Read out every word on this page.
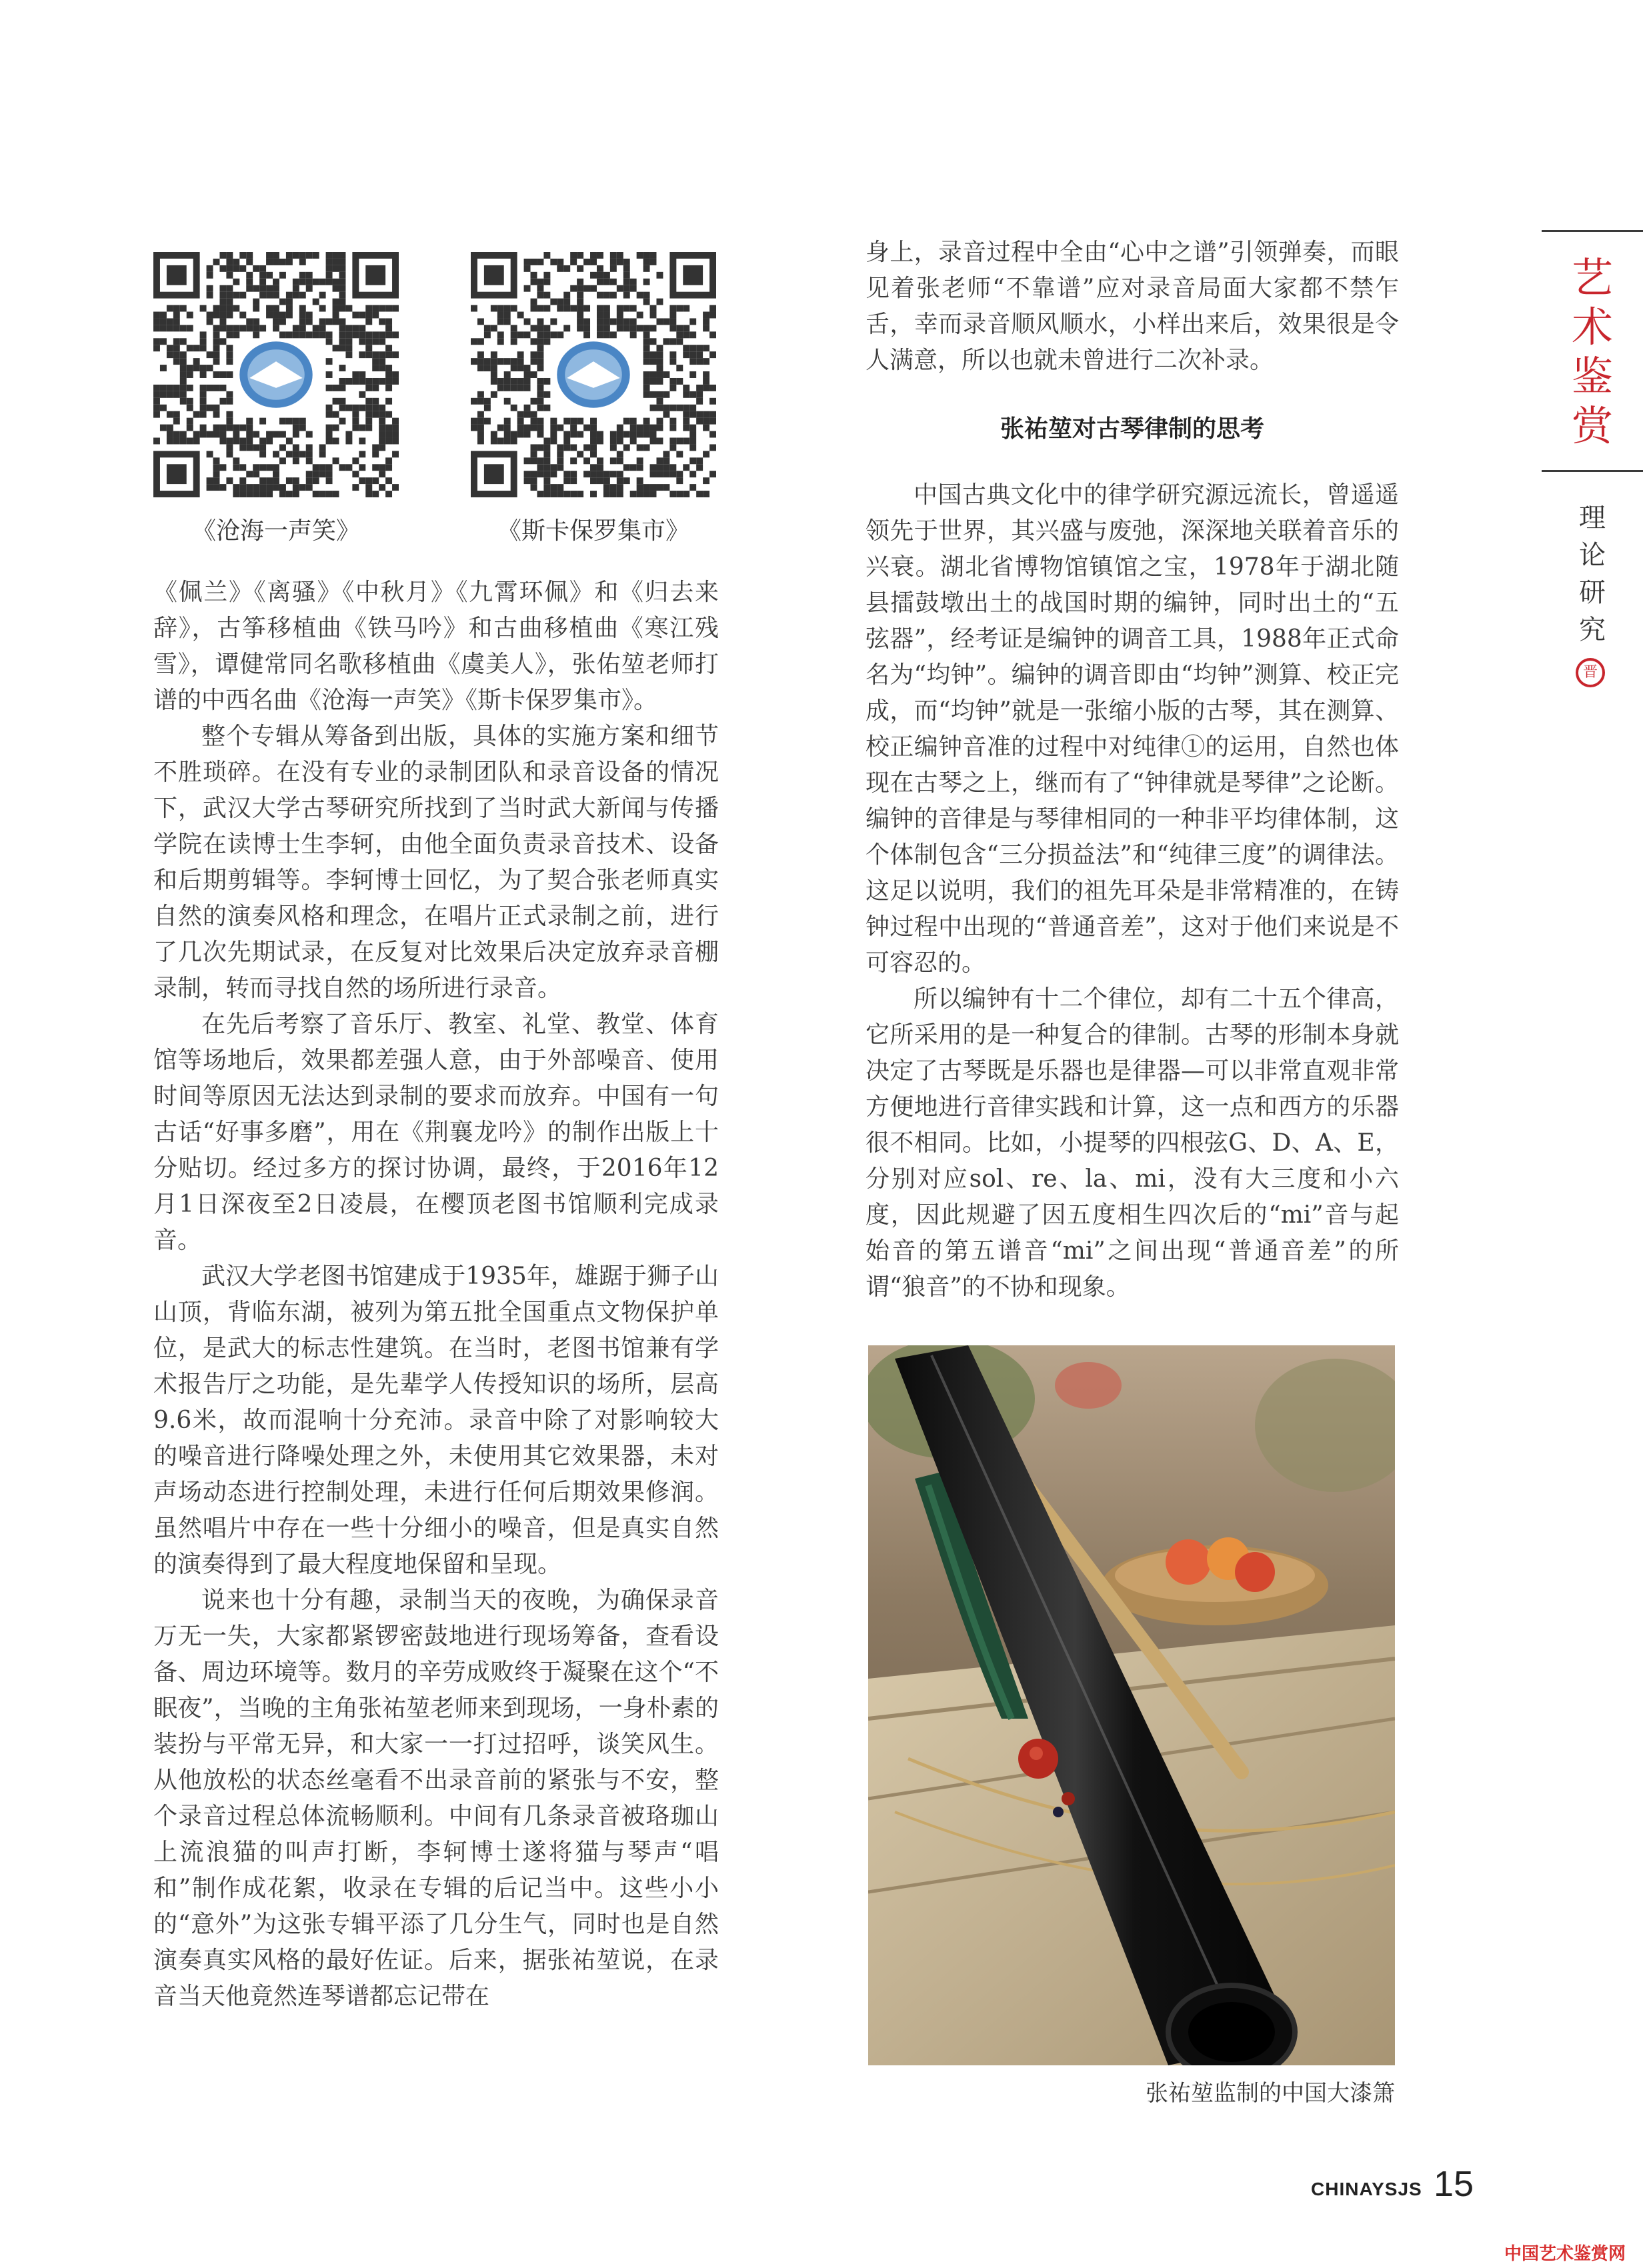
《沧海一声笑》	《斯卡保罗集市》

《佩兰》《离骚》《中秋月》《九霄环佩》和《归去来辞》，古筝移植曲《铁马吟》和古曲移植曲《寒江残雪》，谭健常同名歌移植曲《虞美人》，张佑堃老师打谱的中西名曲《沧海一声笑》《斯卡保罗集市》。

整个专辑从筹备到出版，具体的实施方案和细节不胜琐碎。在没有专业的录制团队和录音设备的情况下，武汉大学古琴研究所找到了当时武大新闻与传播学院在读博士生李轲，由他全面负责录音技术、设备和后期剪辑等。李轲博士回忆，为了契合张老师真实自然的演奏风格和理念，在唱片正式录制之前，进行了几次先期试录，在反复对比效果后决定放弃录音棚录制，转而寻找自然的场所进行录音。

在先后考察了音乐厅、教室、礼堂、教堂、体育馆等场地后，效果都差强人意，由于外部噪音、使用时间等原因无法达到录制的要求而放弃。中国有一句古话“好事多磨”，用在《荆襄龙吟》的制作出版上十分贴切。经过多方的探讨协调，最终，于2016年12月1日深夜至2日凌晨，在樱顶老图书馆顺利完成录音。

武汉大学老图书馆建成于1935年，雄踞于狮子山山顶，背临东湖，被列为第五批全国重点文物保护单位，是武大的标志性建筑。在当时，老图书馆兼有学术报告厅之功能，是先辈学人传授知识的场所，层高9.6米，故而混响十分充沛。录音中除了对影响较大的噪音进行降噪处理之外，未使用其它效果器，未对声场动态进行控制处理，未进行任何后期效果修润。虽然唱片中存在一些十分细小的噪音，但是真实自然的演奏得到了最大程度地保留和呈现。

说来也十分有趣，录制当天的夜晚，为确保录音万无一失，大家都紧锣密鼓地进行现场筹备，查看设备、周边环境等。数月的辛劳成败终于凝聚在这个“不眠夜”，当晚的主角张祐堃老师来到现场，一身朴素的装扮与平常无异，和大家一一打过招呼，谈笑风生。从他放松的状态丝毫看不出录音前的紧张与不安，整个录音过程总体流畅顺利。中间有几条录音被珞珈山上流浪猫的叫声打断，李轲博士遂将猫与琴声“唱和”制作成花絮，收录在专辑的后记当中。这些小小的“意外”为这张专辑平添了几分生气，同时也是自然演奏真实风格的最好佐证。后来，据张祐堃说，在录音当天他竟然连琴谱都忘记带在

身上，录音过程中全由“心中之谱”引领弹奏，而眼见着张老师“不靠谱”应对录音局面大家都不禁乍舌，幸而录音顺风顺水，小样出来后，效果很是令人满意，所以也就未曾进行二次补录。

张祐堃对古琴律制的思考

中国古典文化中的律学研究源远流长，曾遥遥领先于世界，其兴盛与废弛，深深地关联着音乐的兴衰。湖北省博物馆镇馆之宝，1978年于湖北随县擂鼓墩出土的战国时期的编钟，同时出土的“五弦器”，经考证是编钟的调音工具，1988年正式命名为“均钟”。编钟的调音即由“均钟”测算、校正完成，而“均钟”就是一张缩小版的古琴，其在测算、校正编钟音准的过程中对纯律①的运用，自然也体现在古琴之上，继而有了“钟律就是琴律”之论断。编钟的音律是与琴律相同的一种非平均律体制，这个体制包含“三分损益法”和“纯律三度”的调律法。这足以说明，我们的祖先耳朵是非常精准的，在铸钟过程中出现的“普通音差”，这对于他们来说是不可容忍的。

所以编钟有十二个律位，却有二十五个律高，它所采用的是一种复合的律制。古琴的形制本身就决定了古琴既是乐器也是律器—可以非常直观非常方便地进行音律实践和计算，这一点和西方的乐器很不相同。比如，小提琴的四根弦G、D、A、E，分别对应sol、re、la、mi，没有大三度和小六度，因此规避了因五度相生四次后的“mi”音与起始音的第五谱音“mi”之间出现“普通音差”的所谓“狼音”的不协和现象。

张祐堃监制的中国大漆箫
艺
术
鉴
赏
理
论
研
究
晋
CHINAYSJS 15
中国艺术鉴赏网
